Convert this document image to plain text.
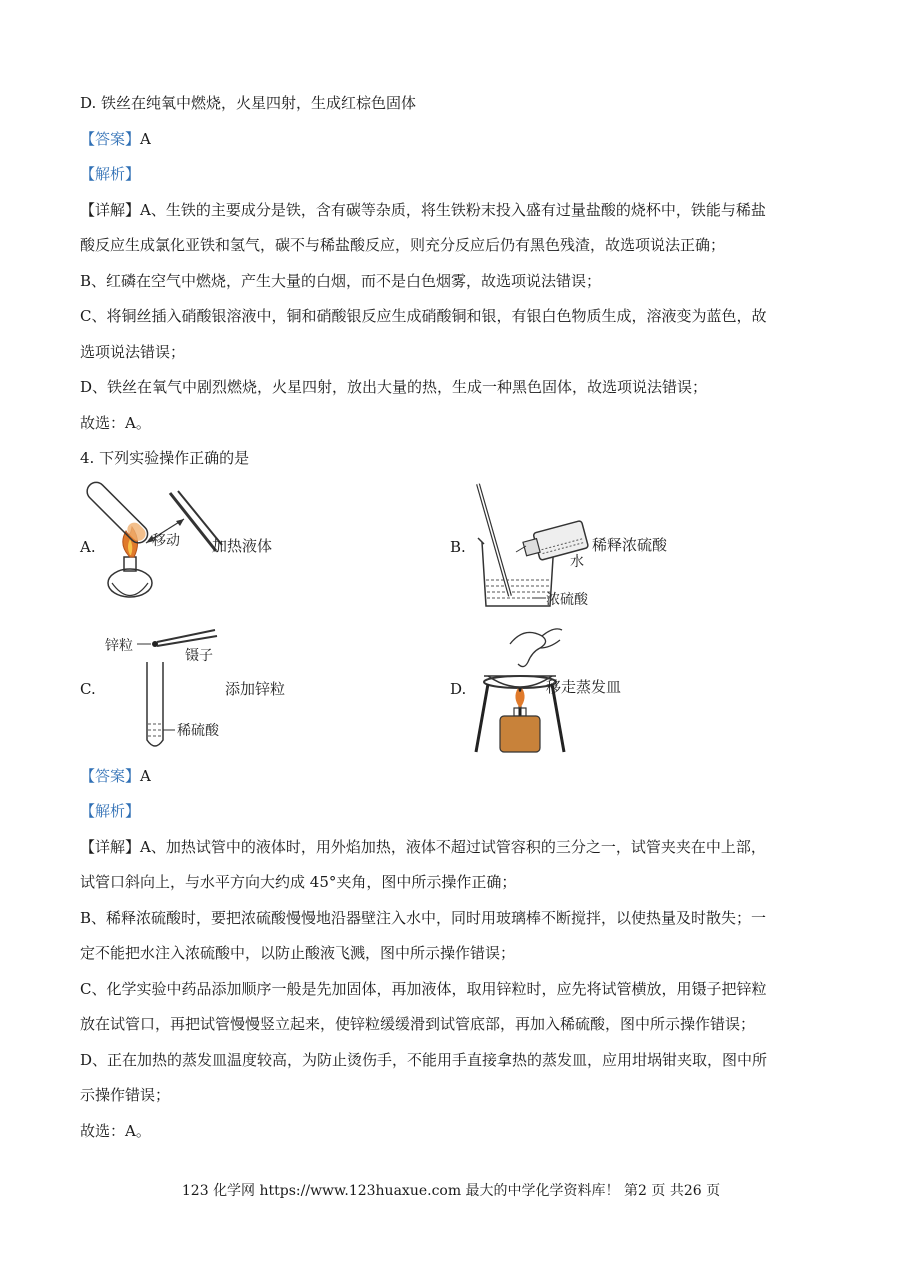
D. 铁丝在纯氧中燃烧，火星四射，生成红棕色固体
【答案】A
【解析】
【详解】A、生铁的主要成分是铁，含有碳等杂质，将生铁粉末投入盛有过量盐酸的烧杯中，铁能与稀盐
酸反应生成氯化亚铁和氢气，碳不与稀盐酸反应，则充分反应后仍有黑色残渣，故选项说法正确；
B、红磷在空气中燃烧，产生大量的白烟，而不是白色烟雾，故选项说法错误；
C、将铜丝插入硝酸银溶液中，铜和硝酸银反应生成硝酸铜和银，有银白色物质生成，溶液变为蓝色，故
选项说法错误；
D、铁丝在氧气中剧烈燃烧，火星四射，放出大量的热，生成一种黑色固体，故选项说法错误；
故选：A。
4. 下列实验操作正确的是
A.	移动 加热液体	B.
水
浓硫酸
稀释浓硫酸
C.
锌粒
镊子
稀硫酸
添加锌粒	D.	移走蒸发皿
【答案】A
【解析】
【详解】A、加热试管中的液体时，用外焰加热，液体不超过试管容积的三分之一，试管夹夹在中上部，
试管口斜向上，与水平方向大约成 45°夹角，图中所示操作正确；
B、稀释浓硫酸时，要把浓硫酸慢慢地沿器壁注入水中，同时用玻璃棒不断搅拌，以使热量及时散失；一
定不能把水注入浓硫酸中，以防止酸液飞溅，图中所示操作错误；
C、化学实验中药品添加顺序一般是先加固体，再加液体，取用锌粒时，应先将试管横放，用镊子把锌粒
放在试管口，再把试管慢慢竖立起来，使锌粒缓缓滑到试管底部，再加入稀硫酸，图中所示操作错误；
D、正在加热的蒸发皿温度较高，为防止烫伤手，不能用手直接拿热的蒸发皿，应用坩埚钳夹取，图中所
示操作错误；
故选：A。
123 化学网 https://www.123huaxue.com 最大的中学化学资料库！ 第2 页 共26 页
